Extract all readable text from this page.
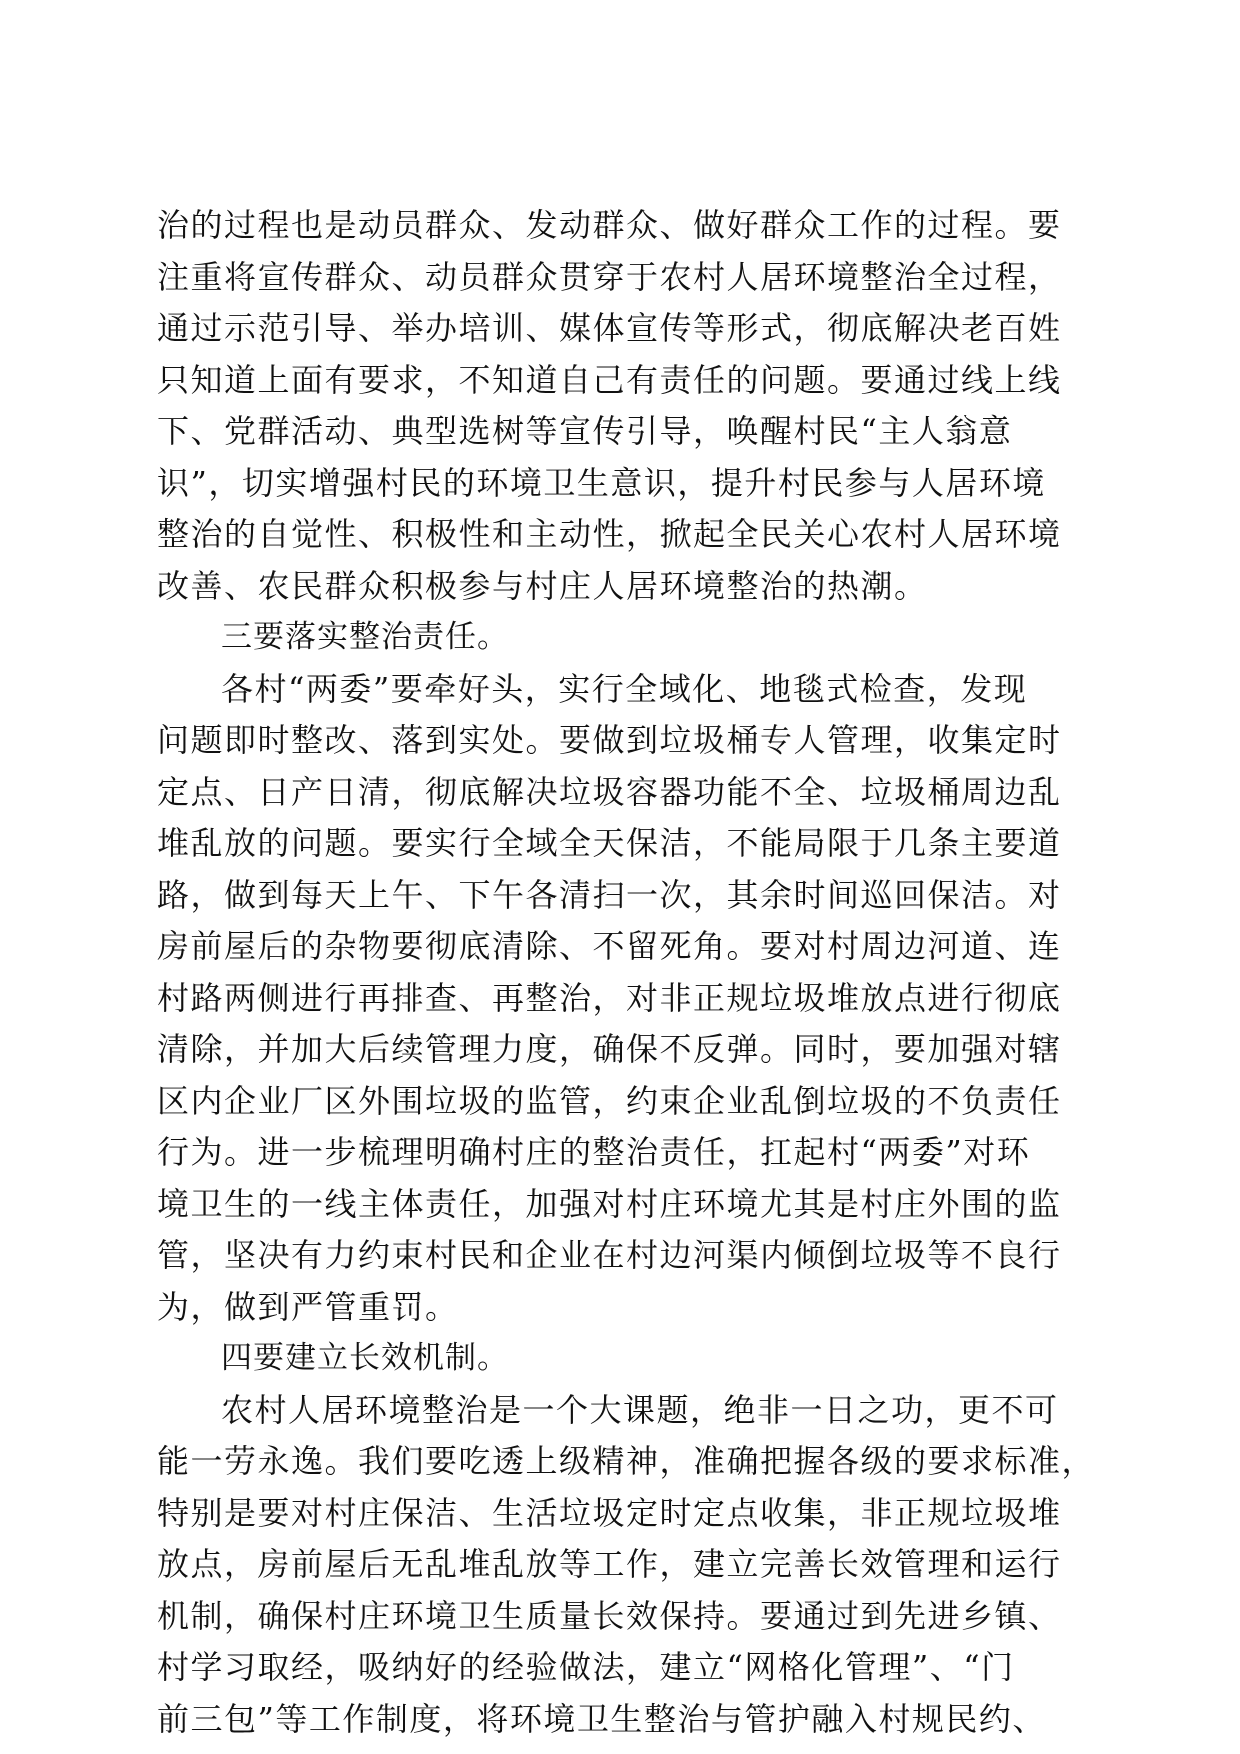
治的过程也是动员群众、发动群众、做好群众工作的过程。要
注重将宣传群众、动员群众贯穿于农村人居环境整治全过程，
通过示范引导、举办培训、媒体宣传等形式，彻底解决老百姓
只知道上面有要求，不知道自己有责任的问题。要通过线上线
下、党群活动、典型选树等宣传引导，唤醒村民“主人翁意
识”，切实增强村民的环境卫生意识，提升村民参与人居环境
整治的自觉性、积极性和主动性，掀起全民关心农村人居环境
改善、农民群众积极参与村庄人居环境整治的热潮。
三要落实整治责任。
各村“两委”要牵好头，实行全域化、地毯式检查，发现
问题即时整改、落到实处。要做到垃圾桶专人管理，收集定时
定点、日产日清，彻底解决垃圾容器功能不全、垃圾桶周边乱
堆乱放的问题。要实行全域全天保洁，不能局限于几条主要道
路，做到每天上午、下午各清扫一次，其余时间巡回保洁。对
房前屋后的杂物要彻底清除、不留死角。要对村周边河道、连
村路两侧进行再排查、再整治，对非正规垃圾堆放点进行彻底
清除，并加大后续管理力度，确保不反弹。同时，要加强对辖
区内企业厂区外围垃圾的监管，约束企业乱倒垃圾的不负责任
行为。进一步梳理明确村庄的整治责任，扛起村“两委”对环
境卫生的一线主体责任，加强对村庄环境尤其是村庄外围的监
管，坚决有力约束村民和企业在村边河渠内倾倒垃圾等不良行
为，做到严管重罚。
四要建立长效机制。
农村人居环境整治是一个大课题，绝非一日之功，更不可
能一劳永逸。我们要吃透上级精神，准确把握各级的要求标准，
特别是要对村庄保洁、生活垃圾定时定点收集，非正规垃圾堆
放点，房前屋后无乱堆乱放等工作，建立完善长效管理和运行
机制，确保村庄环境卫生质量长效保持。要通过到先进乡镇、
村学习取经，吸纳好的经验做法，建立“网格化管理”、“门
前三包”等工作制度，将环境卫生整治与管护融入村规民约、
